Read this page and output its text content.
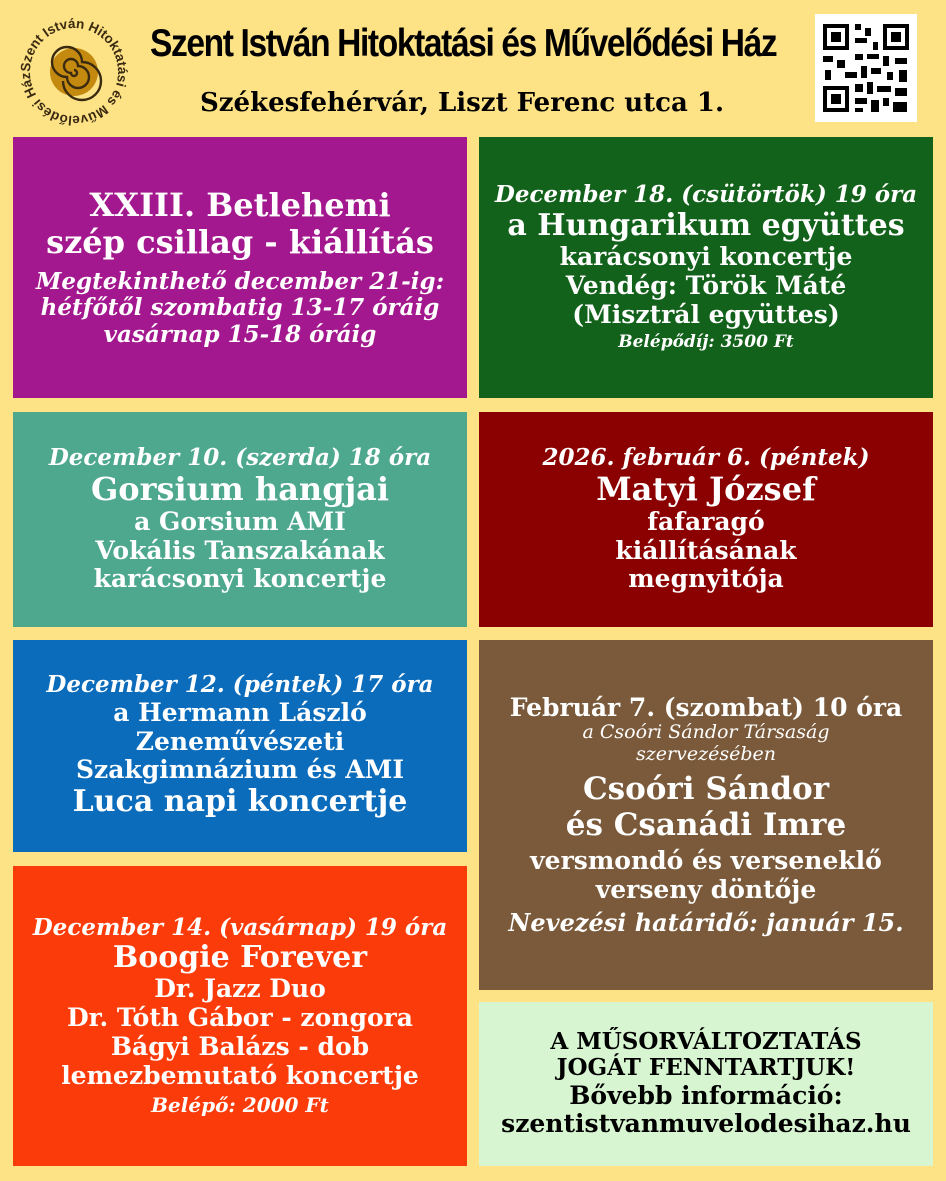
Szent István Hitoktatási és Művelődési Ház
Szent István Hitoktatási és Művelődési Ház
Székesfehérvár, Liszt Ferenc utca 1.
XXIII. Betlehemi
szép csillag - kiállítás
Megtekinthető december 21-ig:
hétfőtől szombatig 13-17 óráig
vasárnap 15-18 óráig
December 18. (csütörtök) 19 óra
a Hungarikum együttes
karácsonyi koncertje
Vendég: Török Máté
(Misztrál együttes)
Belépődíj: 3500 Ft
December 10. (szerda) 18 óra
Gorsium hangjai
a Gorsium AMI
Vokális Tanszakának
karácsonyi koncertje
2026. február 6. (péntek)
Matyi József
fafaragó
kiállításának
megnyitója
December 12. (péntek) 17 óra
a Hermann László
Zeneművészeti
Szakgimnázium és AMI
Luca napi koncertje
Február 7. (szombat) 10 óra
a Csoóri Sándor Társaság
szervezésében
Csoóri Sándor
és Csanádi Imre
versmondó és verseneklő
verseny döntője
Nevezési határidő: január 15.
December 14. (vasárnap) 19 óra
Boogie Forever
Dr. Jazz Duo
Dr. Tóth Gábor - zongora
Bágyi Balázs - dob
lemezbemutató koncertje
Belépő: 2000 Ft
A MŰSORVÁLTOZTATÁS
JOGÁT FENNTARTJUK!
Bővebb információ:
szentistvanmuvelodesihaz.hu
